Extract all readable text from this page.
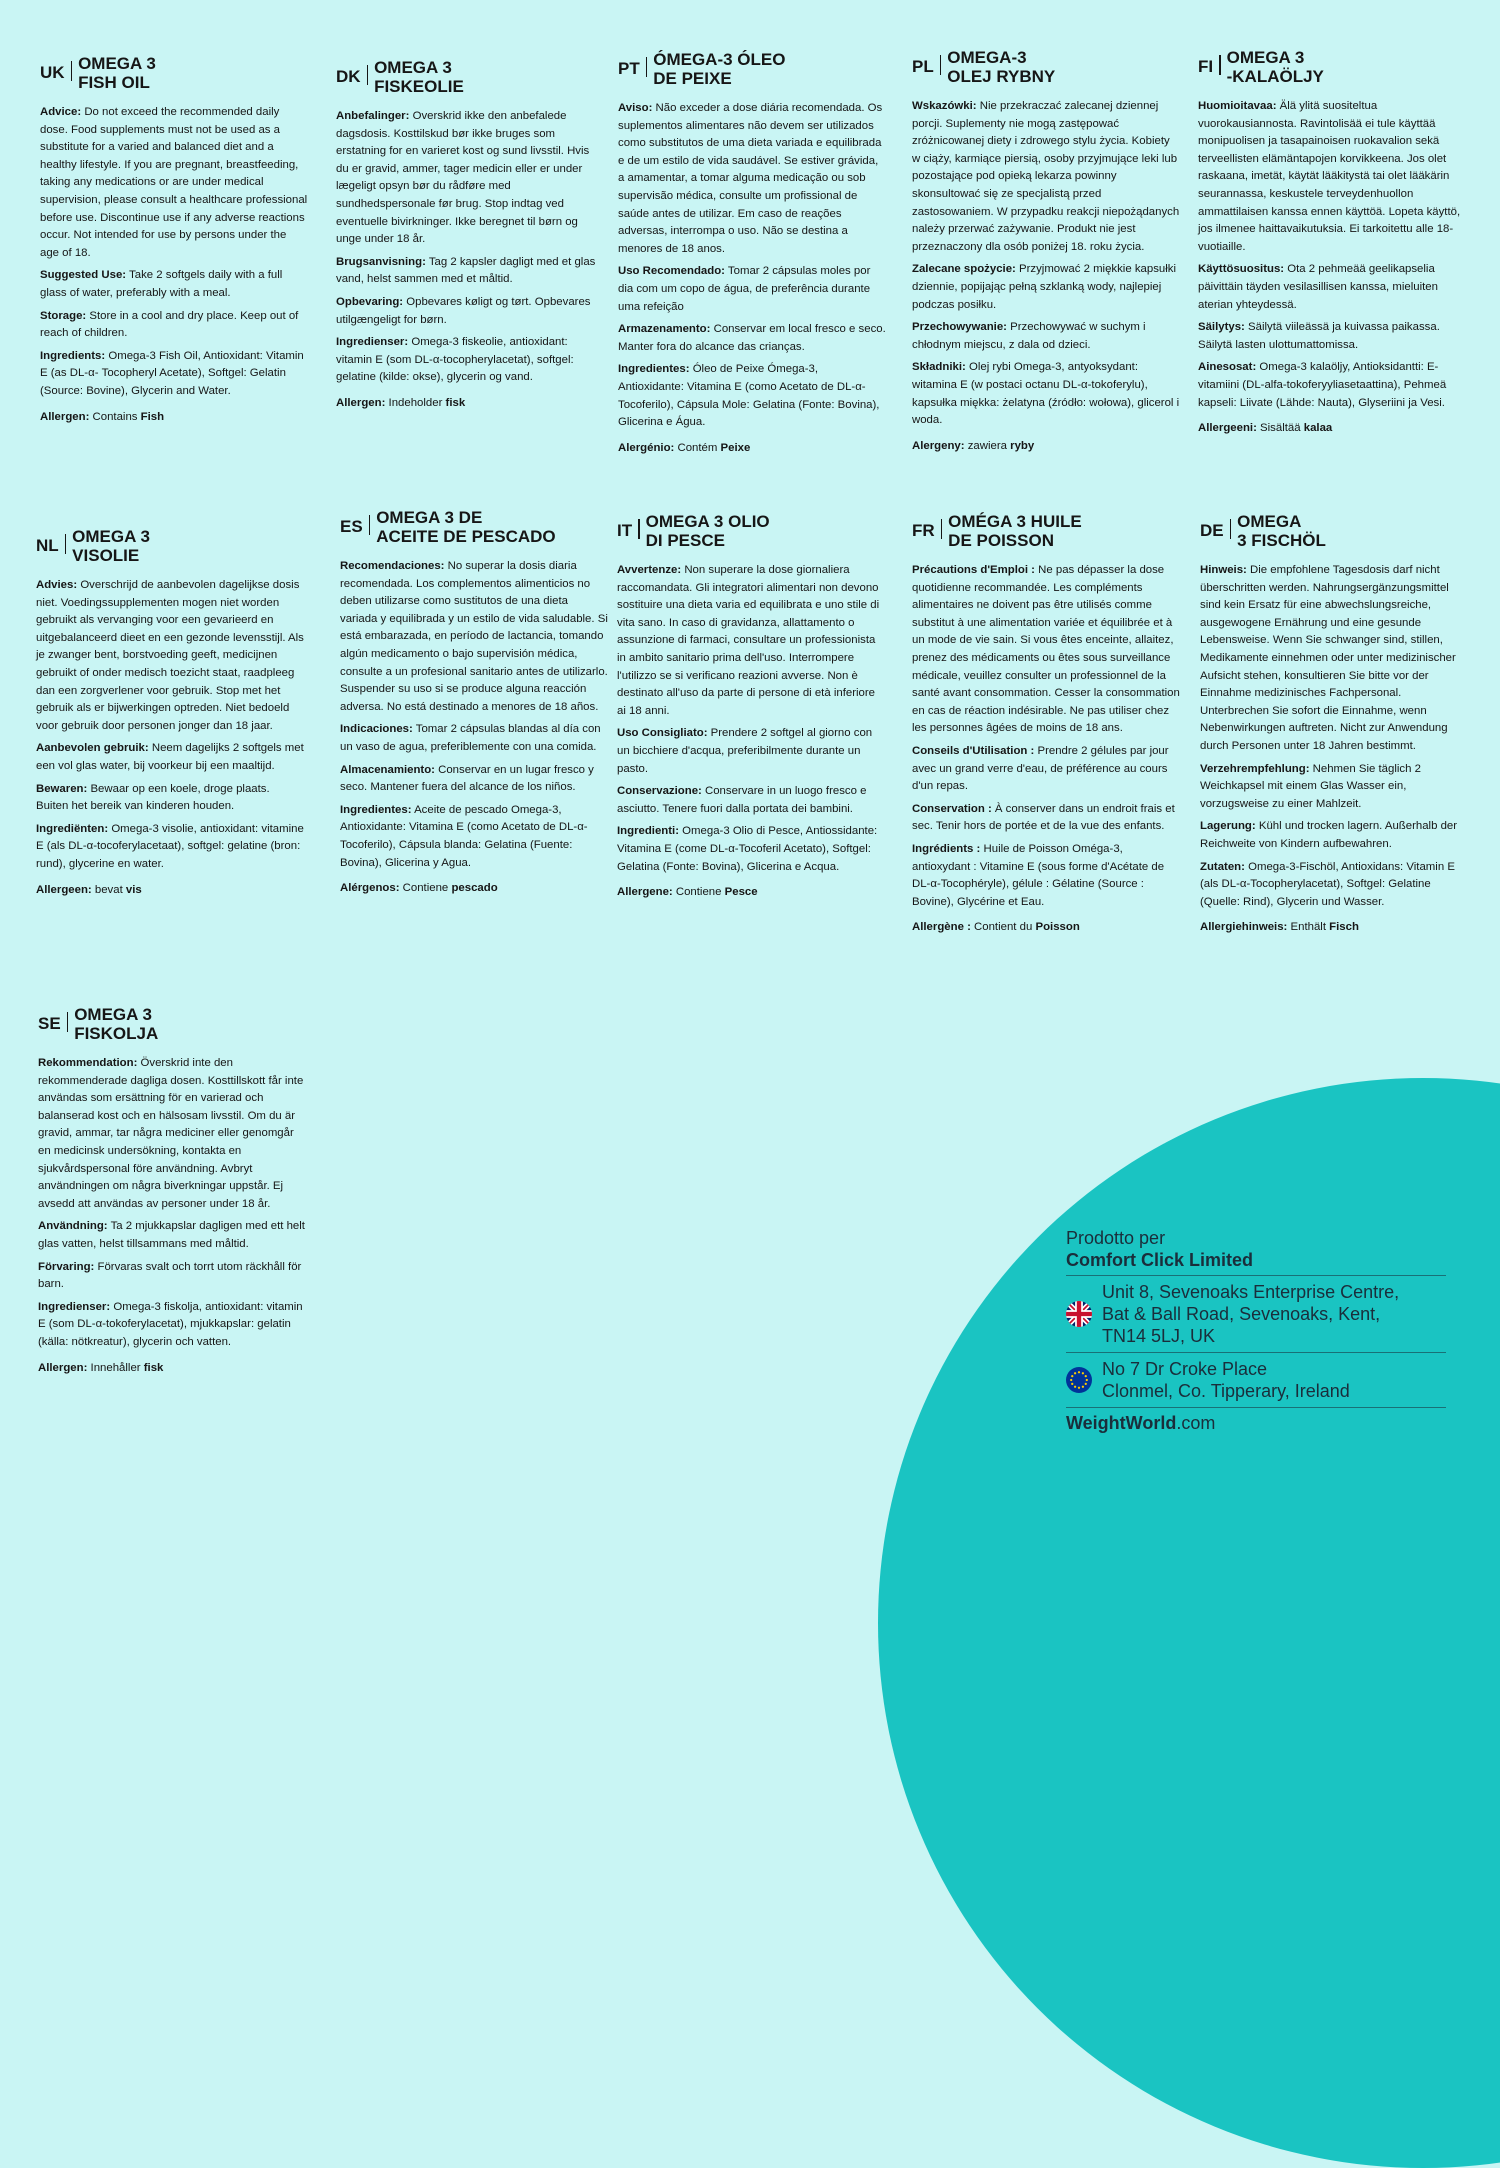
UK OMEGA 3
FISH OIL
Advice: Do not exceed the recommended daily dose. Food supplements must not be used as a substitute for a varied and balanced diet and a healthy lifestyle. If you are pregnant, breastfeeding, taking any medications or are under medical supervision, please consult a healthcare professional before use. Discontinue use if any adverse reactions occur. Not intended for use by persons under the age of 18.
Suggested Use: Take 2 softgels daily with a full glass of water, preferably with a meal.
Storage: Store in a cool and dry place. Keep out of reach of children.
Ingredients: Omega-3 Fish Oil, Antioxidant: Vitamin E (as DL-α- Tocopheryl Acetate), Softgel: Gelatin (Source: Bovine), Glycerin and Water.
Allergen: Contains Fish
DK OMEGA 3
FISKEOLIE
Anbefalinger: Overskrid ikke den anbefalede dagsdosis. Kosttilskud bør ikke bruges som erstatning for en varieret kost og sund livsstil. Hvis du er gravid, ammer, tager medicin eller er under lægeligt opsyn bør du rådføre med sundhedspersonale før brug. Stop indtag ved eventuelle bivirkninger. Ikke beregnet til børn og unge under 18 år.
Brugsanvisning: Tag 2 kapsler dagligt med et glas vand, helst sammen med et måltid.
Opbevaring: Opbevares køligt og tørt. Opbevares utilgængeligt for børn.
Ingredienser: Omega-3 fiskeolie, antioxidant: vitamin E (som DL-α-tocopherylacetat), softgel: gelatine (kilde: okse), glycerin og vand.
Allergen: Indeholder fisk
PT ÓMEGA-3 ÓLEO
DE PEIXE
Aviso: Não exceder a dose diária recomendada. Os suplementos alimentares não devem ser utilizados como substitutos de uma dieta variada e equilibrada e de um estilo de vida saudável. Se estiver grávida, a amamentar, a tomar alguma medicação ou sob supervisão médica, consulte um profissional de saúde antes de utilizar. Em caso de reações adversas, interrompa o uso. Não se destina a menores de 18 anos.
Uso Recomendado: Tomar 2 cápsulas moles por dia com um copo de água, de preferência durante uma refeição
Armazenamento: Conservar em local fresco e seco. Manter fora do alcance das crianças.
Ingredientes: Óleo de Peixe Ómega-3, Antioxidante: Vitamina E (como Acetato de DL-α-Tocoferilo), Cápsula Mole: Gelatina (Fonte: Bovina), Glicerina e Água.
Alergénio: Contém Peixe
PL OMEGA-3
OLEJ RYBNY
Wskazówki: Nie przekraczać zalecanej dziennej porcji. Suplementy nie mogą zastępować zróżnicowanej diety i zdrowego stylu życia. Kobiety w ciąży, karmiące piersią, osoby przyjmujące leki lub pozostające pod opieką lekarza powinny skonsultować się ze specjalistą przed zastosowaniem. W przypadku reakcji niepożądanych należy przerwać zażywanie. Produkt nie jest przeznaczony dla osób poniżej 18. roku życia.
Zalecane spożycie: Przyjmować 2 miękkie kapsułki dziennie, popijając pełną szklanką wody, najlepiej podczas posiłku.
Przechowywanie: Przechowywać w suchym i chłodnym miejscu, z dala od dzieci.
Składniki: Olej rybi Omega-3, antyoksydant: witamina E (w postaci octanu DL-α-tokoferylu), kapsułka miękka: żelatyna (źródło: wołowa), glicerol i woda.
Alergeny: zawiera ryby
FI OMEGA 3
-KALAÖLJY
Huomioitavaa: Älä ylitä suositeltua vuorokausiannosta. Ravintolisää ei tule käyttää monipuolisen ja tasapainoisen ruokavalion sekä terveellisten elämäntapojen korvikkeena. Jos olet raskaana, imetät, käytät lääkitystä tai olet lääkärin seurannassa, keskustele terveydenhuollon ammattilaisen kanssa ennen käyttöä. Lopeta käyttö, jos ilmenee haittavaikutuksia. Ei tarkoitettu alle 18-vuotiaille.
Käyttösuositus: Ota 2 pehmeää geelikapselia päivittäin täyden vesilasillisen kanssa, mieluiten aterian yhteydessä.
Säilytys: Säilytä viileässä ja kuivassa paikassa. Säilytä lasten ulottumattomissa.
Ainesosat: Omega-3 kalaöljy, Antioksidantti: E-vitamiini (DL-alfa-tokoferyyliasetaattina), Pehmeä kapseli: Liivate (Lähde: Nauta), Glyseriini ja Vesi.
Allergeeni: Sisältää kalaa
NL OMEGA 3
VISOLIE
Advies: Overschrijd de aanbevolen dagelijkse dosis niet. Voedingssupplementen mogen niet worden gebruikt als vervanging voor een gevarieerd en uitgebalanceerd dieet en een gezonde levensstijl. Als je zwanger bent, borstvoeding geeft, medicijnen gebruikt of onder medisch toezicht staat, raadpleeg dan een zorgverlener voor gebruik. Stop met het gebruik als er bijwerkingen optreden. Niet bedoeld voor gebruik door personen jonger dan 18 jaar.
Aanbevolen gebruik: Neem dagelijks 2 softgels met een vol glas water, bij voorkeur bij een maaltijd.
Bewaren: Bewaar op een koele, droge plaats. Buiten het bereik van kinderen houden.
Ingrediënten: Omega-3 visolie, antioxidant: vitamine E (als DL-α-tocoferylacetaat), softgel: gelatine (bron: rund), glycerine en water.
Allergeen: bevat vis
ES OMEGA 3 DE
ACEITE DE PESCADO
Recomendaciones: No superar la dosis diaria recomendada. Los complementos alimenticios no deben utilizarse como sustitutos de una dieta variada y equilibrada y un estilo de vida saludable. Si está embarazada, en período de lactancia, tomando algún medicamento o bajo supervisión médica, consulte a un profesional sanitario antes de utilizarlo. Suspender su uso si se produce alguna reacción adversa. No está destinado a menores de 18 años.
Indicaciones: Tomar 2 cápsulas blandas al día con un vaso de agua, preferiblemente con una comida.
Almacenamiento: Conservar en un lugar fresco y seco. Mantener fuera del alcance de los niños.
Ingredientes: Aceite de pescado Omega-3, Antioxidante: Vitamina E (como Acetato de DL-α-Tocoferilo), Cápsula blanda: Gelatina (Fuente: Bovina), Glicerina y Agua.
Alérgenos: Contiene pescado
IT OMEGA 3 OLIO
DI PESCE
Avvertenze: Non superare la dose giornaliera raccomandata. Gli integratori alimentari non devono sostituire una dieta varia ed equilibrata e uno stile di vita sano. In caso di gravidanza, allattamento o assunzione di farmaci, consultare un professionista in ambito sanitario prima dell'uso. Interrompere l'utilizzo se si verificano reazioni avverse. Non è destinato all'uso da parte di persone di età inferiore ai 18 anni.
Uso Consigliato: Prendere 2 softgel al giorno con un bicchiere d'acqua, preferibilmente durante un pasto.
Conservazione: Conservare in un luogo fresco e asciutto. Tenere fuori dalla portata dei bambini.
Ingredienti: Omega-3 Olio di Pesce, Antiossidante: Vitamina E (come DL-α-Tocoferil Acetato), Softgel: Gelatina (Fonte: Bovina), Glicerina e Acqua.
Allergene: Contiene Pesce
FR OMÉGA 3 HUILE
DE POISSON
Précautions d'Emploi : Ne pas dépasser la dose quotidienne recommandée. Les compléments alimentaires ne doivent pas être utilisés comme substitut à une alimentation variée et équilibrée et à un mode de vie sain. Si vous êtes enceinte, allaitez, prenez des médicaments ou êtes sous surveillance médicale, veuillez consulter un professionnel de la santé avant consommation. Cesser la consommation en cas de réaction indésirable. Ne pas utiliser chez les personnes âgées de moins de 18 ans.
Conseils d'Utilisation : Prendre 2 gélules par jour avec un grand verre d'eau, de préférence au cours d'un repas.
Conservation : À conserver dans un endroit frais et sec. Tenir hors de portée et de la vue des enfants.
Ingrédients : Huile de Poisson Oméga-3, antioxydant : Vitamine E (sous forme d'Acétate de DL-α-Tocophéryle), gélule : Gélatine (Source : Bovine), Glycérine et Eau.
Allergène : Contient du Poisson
DE OMEGA
3 FISCHÖL
Hinweis: Die empfohlene Tagesdosis darf nicht überschritten werden. Nahrungsergänzungsmittel sind kein Ersatz für eine abwechslungsreiche, ausgewogene Ernährung und eine gesunde Lebensweise. Wenn Sie schwanger sind, stillen, Medikamente einnehmen oder unter medizinischer Aufsicht stehen, konsultieren Sie bitte vor der Einnahme medizinisches Fachpersonal. Unterbrechen Sie sofort die Einnahme, wenn Nebenwirkungen auftreten. Nicht zur Anwendung durch Personen unter 18 Jahren bestimmt.
Verzehrempfehlung: Nehmen Sie täglich 2 Weichkapsel mit einem Glas Wasser ein, vorzugsweise zu einer Mahlzeit.
Lagerung: Kühl und trocken lagern. Außerhalb der Reichweite von Kindern aufbewahren.
Zutaten: Omega-3-Fischöl, Antioxidans: Vitamin E (als DL-α-Tocopherylacetat), Softgel: Gelatine (Quelle: Rind), Glycerin und Wasser.
Allergiehinweis: Enthält Fisch
SE OMEGA 3
FISKOLJA
Rekommendation: Överskrid inte den rekommenderade dagliga dosen. Kosttillskott får inte användas som ersättning för en varierad och balanserad kost och en hälsosam livsstil. Om du är gravid, ammar, tar några mediciner eller genomgår en medicinsk undersökning, kontakta en sjukvårdspersonal före användning. Avbryt användningen om några biverkningar uppstår. Ej avsedd att användas av personer under 18 år.
Användning: Ta 2 mjukkapslar dagligen med ett helt glas vatten, helst tillsammans med måltid.
Förvaring: Förvaras svalt och torrt utom räckhåll för barn.
Ingredienser: Omega-3 fiskolja, antioxidant: vitamin E (som DL-α-tokoferylacetat), mjukkapslar: gelatin (källa: nötkreatur), glycerin och vatten.
Allergen: Innehåller fisk
Prodotto per
Comfort Click Limited
Unit 8, Sevenoaks Enterprise Centre,
Bat & Ball Road, Sevenoaks, Kent,
TN14 5LJ, UK
No 7 Dr Croke Place
Clonmel, Co. Tipperary, Ireland
WeightWorld.com
